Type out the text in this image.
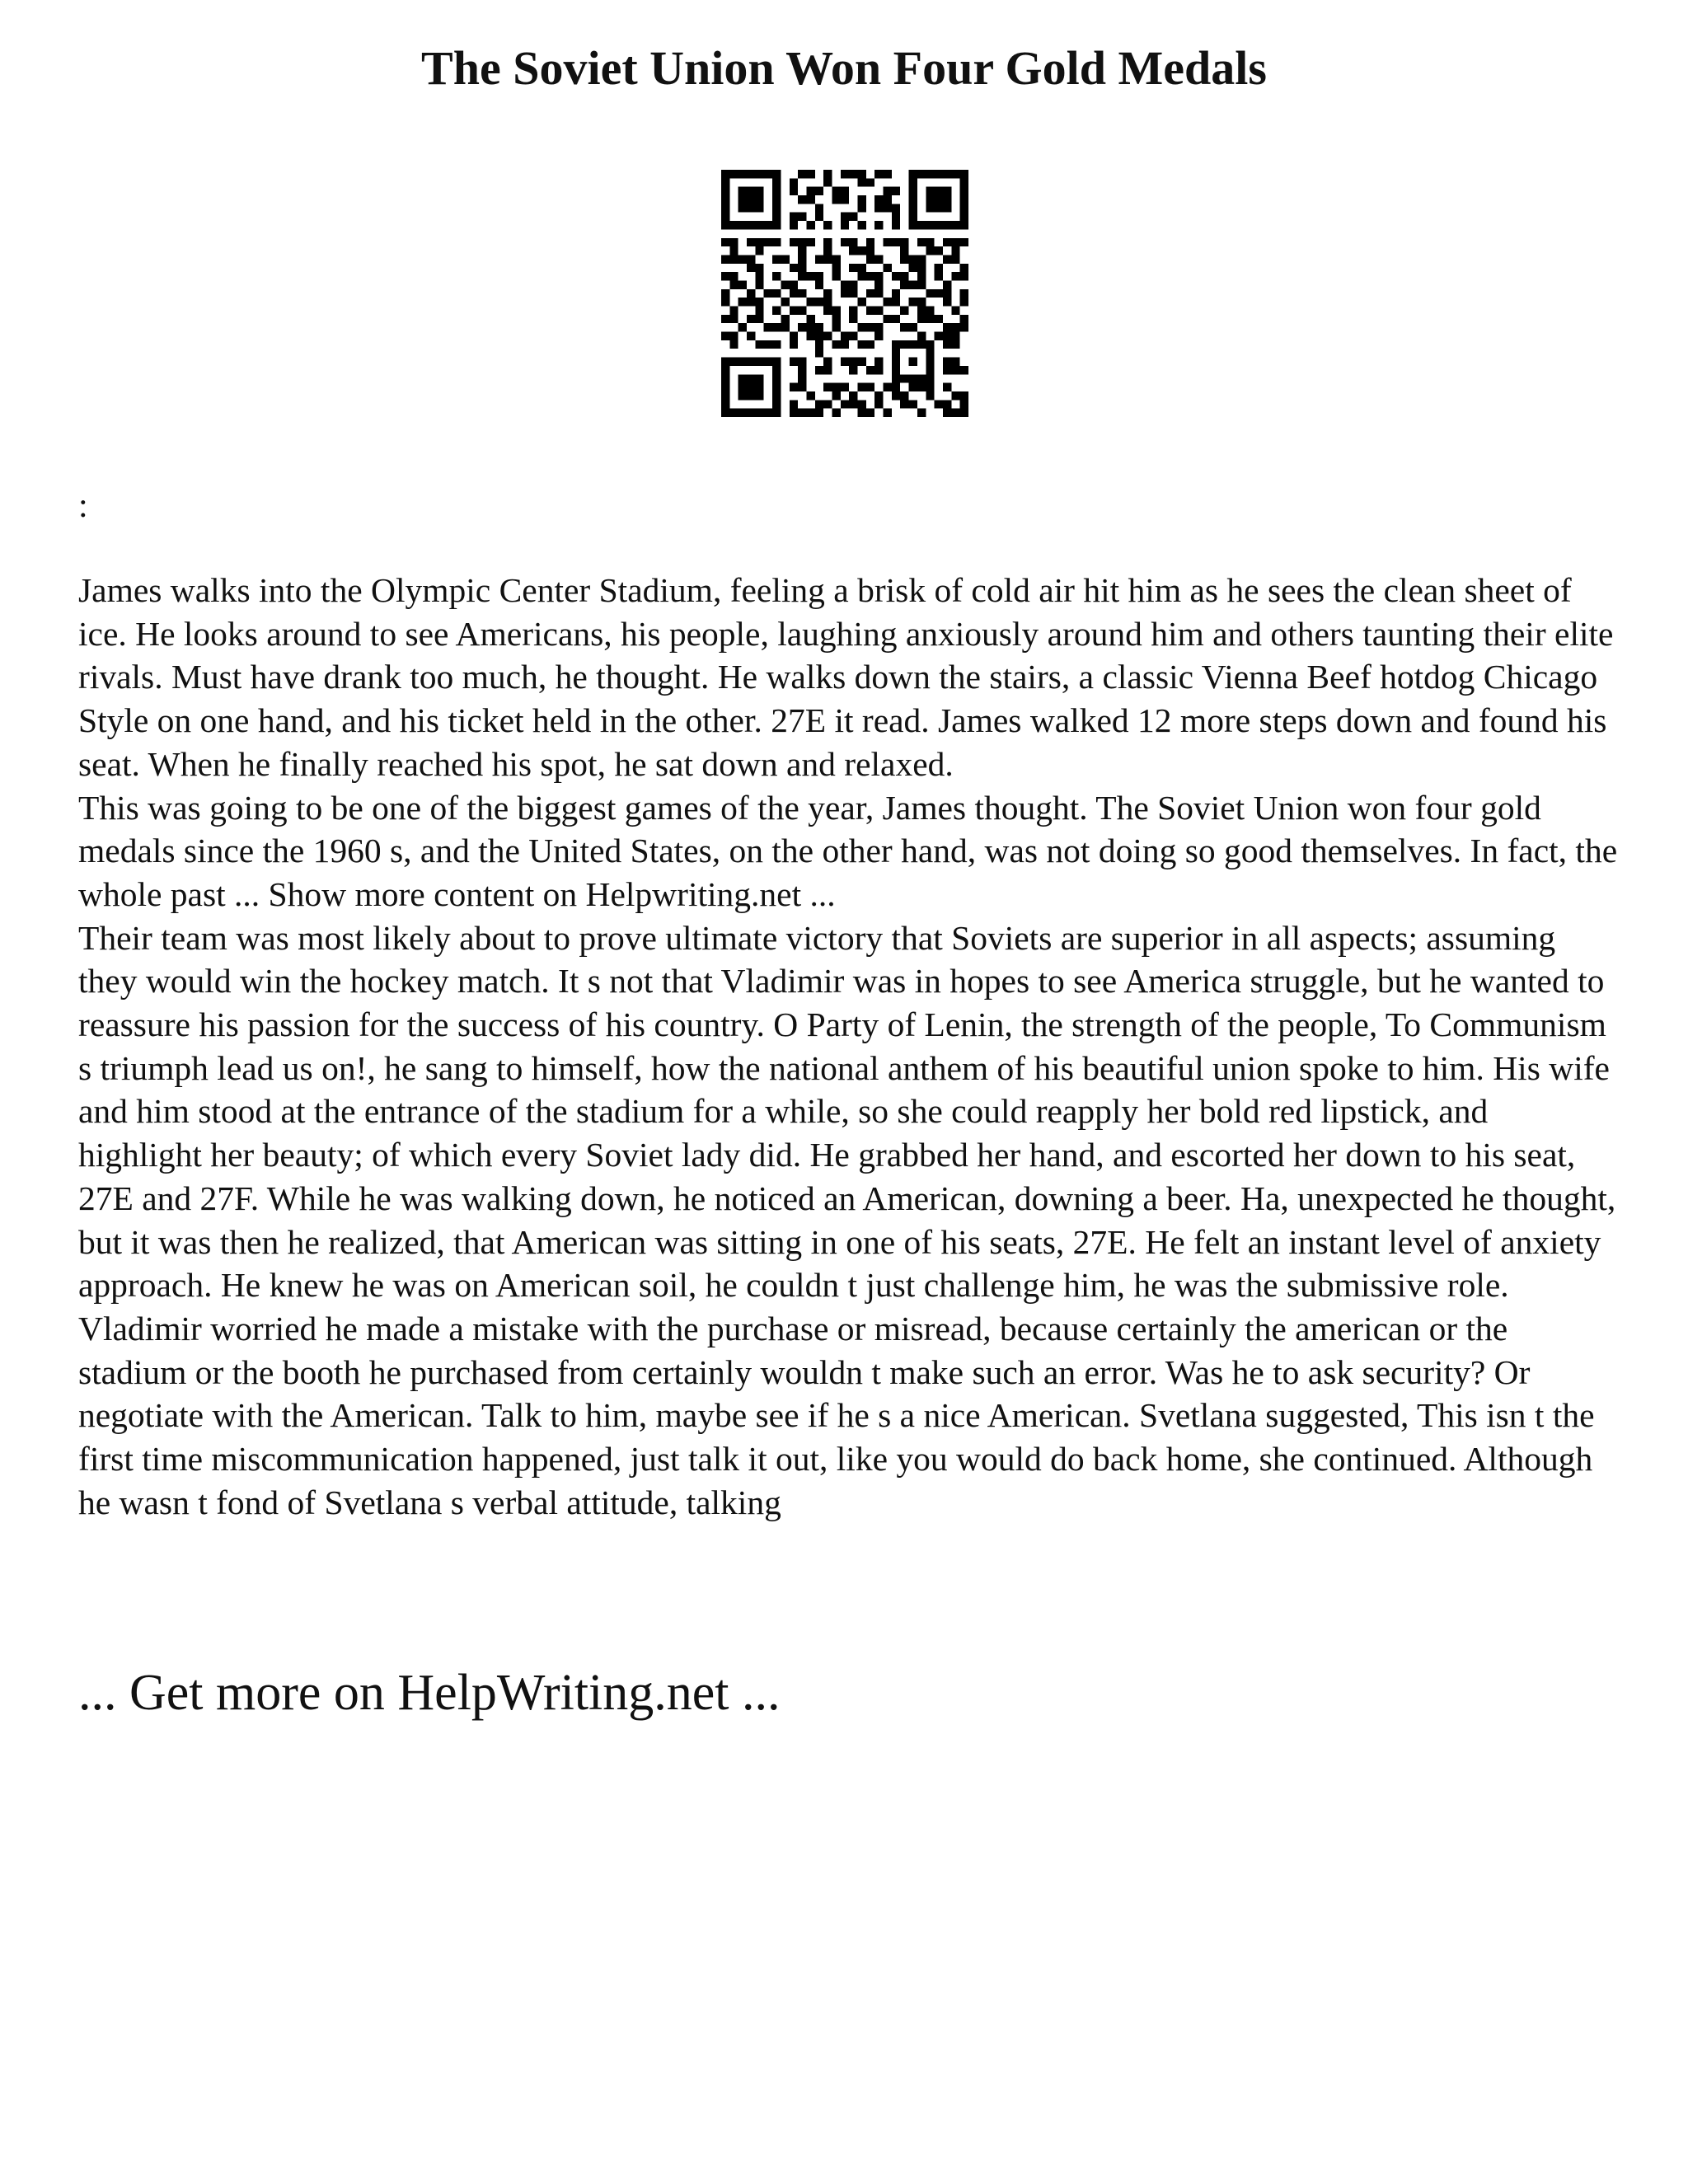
The Soviet Union Won Four Gold Medals

:

James walks into the Olympic Center Stadium, feeling a brisk of cold air hit him as he sees the clean sheet of ice. He looks around to see Americans, his people, laughing anxiously around him and others taunting their elite rivals. Must have drank too much, he thought. He walks down the stairs, a classic Vienna Beef hotdog Chicago Style on one hand, and his ticket held in the other. 27E it read. James walked 12 more steps down and found his seat. When he finally reached his spot, he sat down and relaxed.

This was going to be one of the biggest games of the year, James thought. The Soviet Union won four gold medals since the 1960 s, and the United States, on the other hand, was not doing so good themselves. In fact, the whole past ... Show more content on Helpwriting.net ...

Their team was most likely about to prove ultimate victory that Soviets are superior in all aspects; assuming they would win the hockey match. It s not that Vladimir was in hopes to see America struggle, but he wanted to reassure his passion for the success of his country. O Party of Lenin, the strength of the people, To Communism s triumph lead us on!, he sang to himself, how the national anthem of his beautiful union spoke to him. His wife and him stood at the entrance of the stadium for a while, so she could reapply her bold red lipstick, and highlight her beauty; of which every Soviet lady did. He grabbed her hand, and escorted her down to his seat, 27E and 27F. While he was walking down, he noticed an American, downing a beer. Ha, unexpected he thought, but it was then he realized, that American was sitting in one of his seats, 27E. He felt an instant level of anxiety approach. He knew he was on American soil, he couldn t just challenge him, he was the submissive role. Vladimir worried he made a mistake with the purchase or misread, because certainly the american or the stadium or the booth he purchased from certainly wouldn t make such an error. Was he to ask security? Or negotiate with the American. Talk to him, maybe see if he s a nice American. Svetlana suggested, This isn t the first time miscommunication happened, just talk it out, like you would do back home, she continued. Although he wasn t fond of Svetlana s verbal attitude, talking

... Get more on HelpWriting.net ...
